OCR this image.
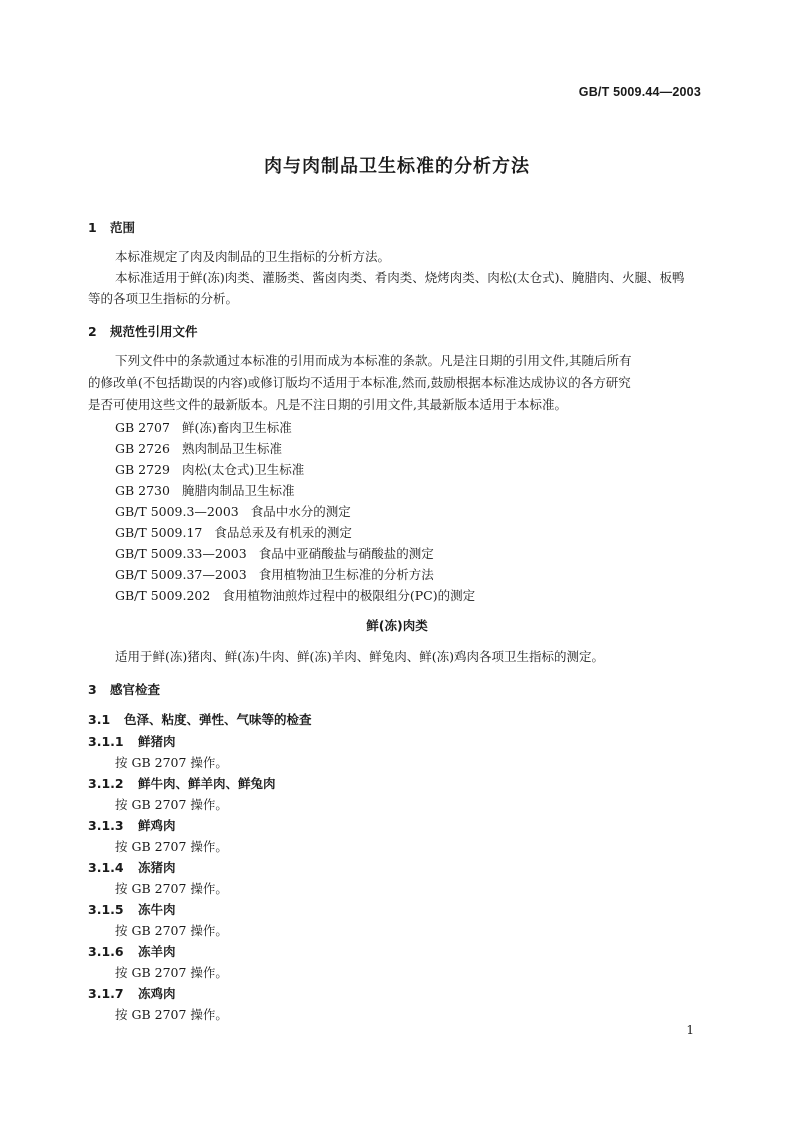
GB/T 5009.44—2003
肉与肉制品卫生标准的分析方法
1 范围
本标准规定了肉及肉制品的卫生指标的分析方法。
本标准适用于鲜(冻)肉类、灌肠类、酱卤肉类、肴肉类、烧烤肉类、肉松(太仓式)、腌腊肉、火腿、板鸭
等的各项卫生指标的分析。
2 规范性引用文件
下列文件中的条款通过本标准的引用而成为本标准的条款。凡是注日期的引用文件,其随后所有
的修改单(不包括勘误的内容)或修订版均不适用于本标准,然而,鼓励根据本标准达成协议的各方研究
是否可使用这些文件的最新版本。凡是不注日期的引用文件,其最新版本适用于本标准。
GB 2707 鲜(冻)畜肉卫生标准
GB 2726 熟肉制品卫生标准
GB 2729 肉松(太仓式)卫生标准
GB 2730 腌腊肉制品卫生标准
GB/T 5009.3—2003 食品中水分的测定
GB/T 5009.17 食品总汞及有机汞的测定
GB/T 5009.33—2003 食品中亚硝酸盐与硝酸盐的测定
GB/T 5009.37—2003 食用植物油卫生标准的分析方法
GB/T 5009.202 食用植物油煎炸过程中的极限组分(PC)的测定
鲜(冻)肉类
适用于鲜(冻)猪肉、鲜(冻)牛肉、鲜(冻)羊肉、鲜兔肉、鲜(冻)鸡肉各项卫生指标的测定。
3 感官检查
3.1 色泽、粘度、弹性、气味等的检查
3.1.1 鲜猪肉
按 GB 2707 操作。
3.1.2 鲜牛肉、鲜羊肉、鲜兔肉
按 GB 2707 操作。
3.1.3 鲜鸡肉
按 GB 2707 操作。
3.1.4 冻猪肉
按 GB 2707 操作。
3.1.5 冻牛肉
按 GB 2707 操作。
3.1.6 冻羊肉
按 GB 2707 操作。
3.1.7 冻鸡肉
按 GB 2707 操作。
1
